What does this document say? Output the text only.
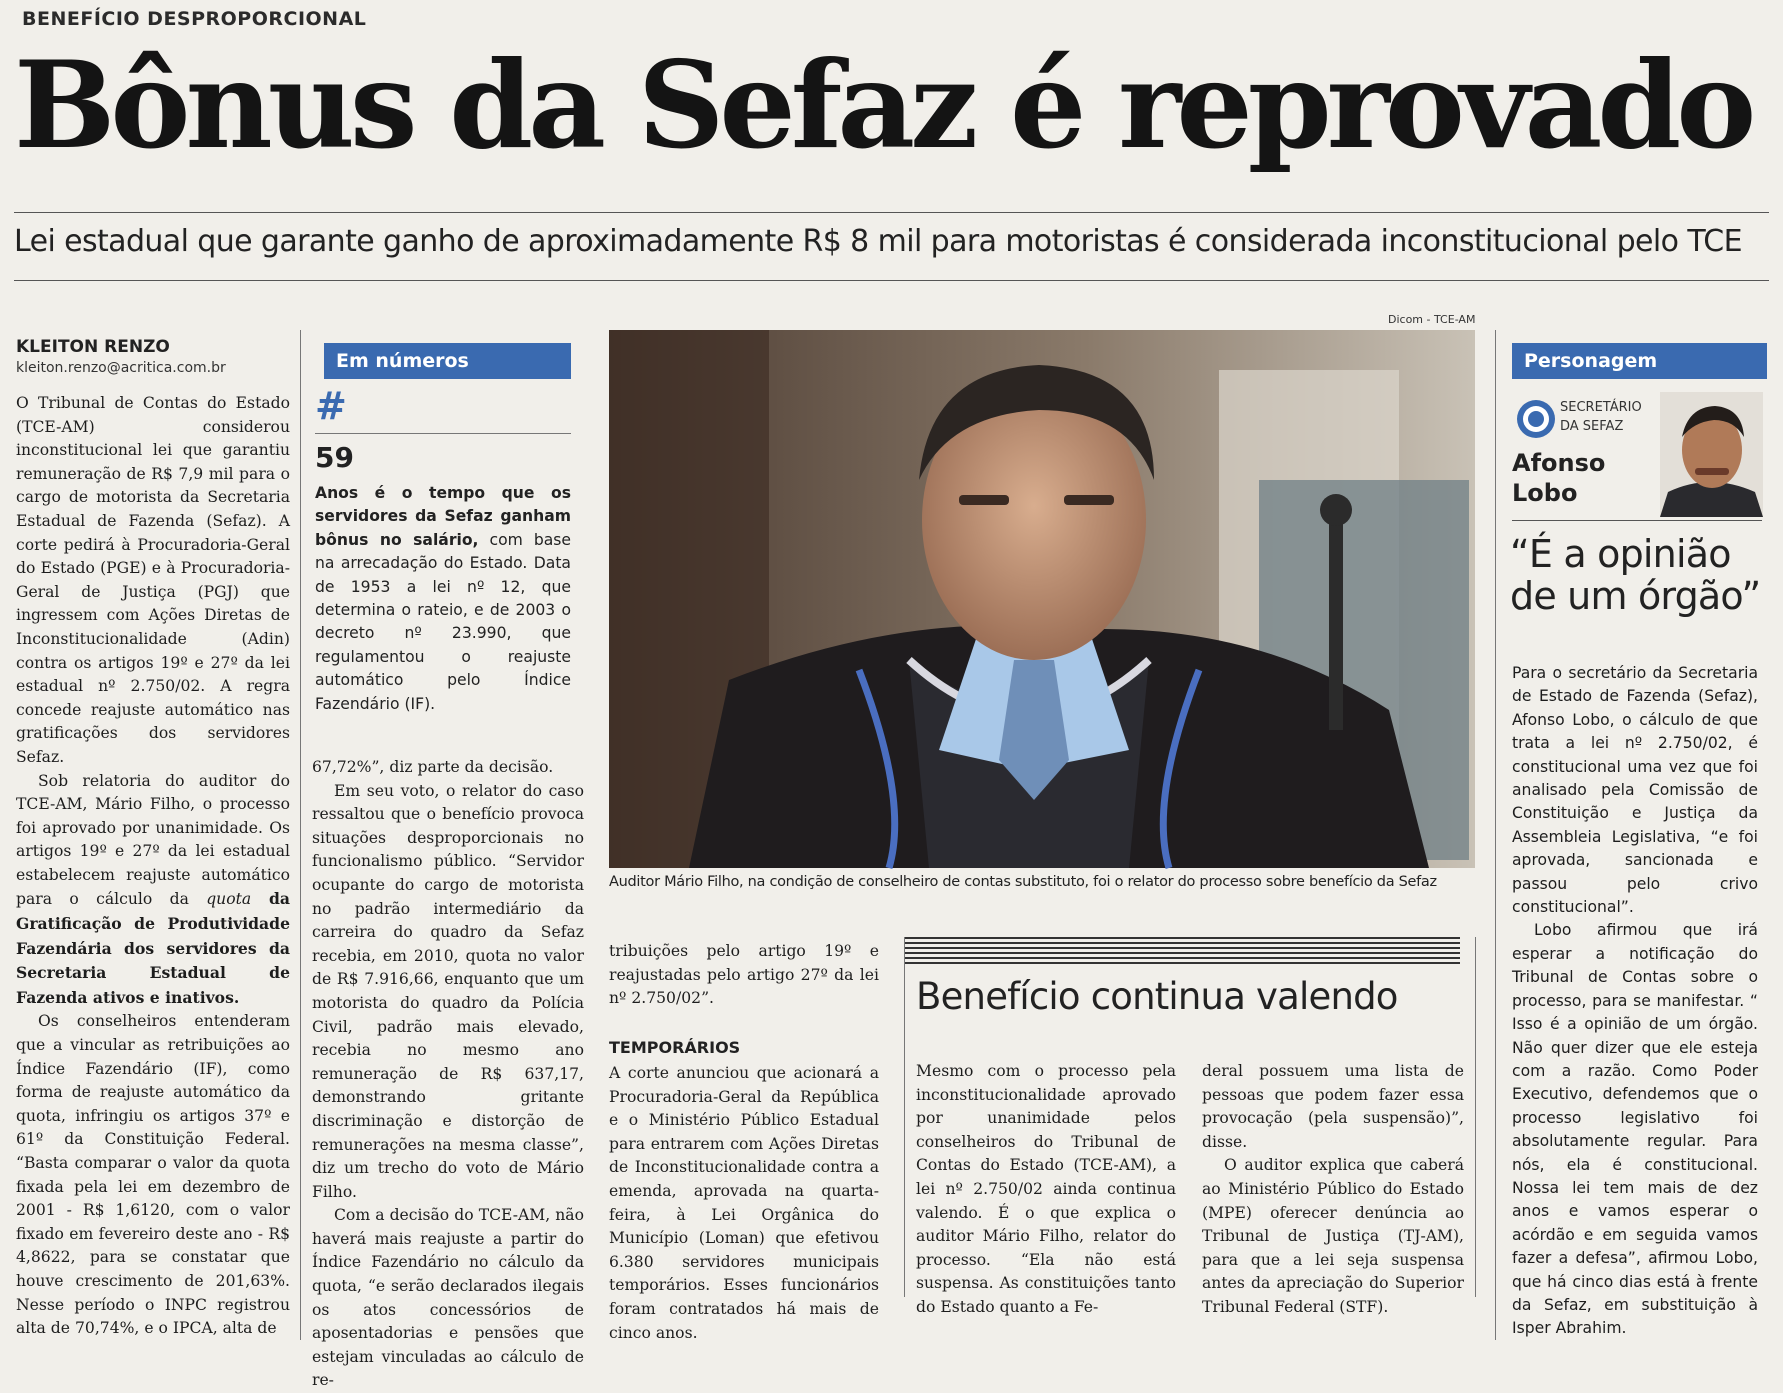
BENEFÍCIO DESPROPORCIONAL
Bônus da Sefaz é reprovado
Lei estadual que garante ganho de aproximadamente R$ 8 mil para motoristas é considerada inconstitucional pelo TCE
KLEITON RENZO
kleiton.renzo@acritica.com.br

O Tribunal de Contas do Estado (TCE-AM) considerou inconstitucional lei que garantiu remuneração de R$ 7,9 mil para o cargo de motorista da Secretaria Estadual de Fazenda (Sefaz). A corte pedirá à Procuradoria-Geral do Estado (PGE) e à Procuradoria-Geral de Justiça (PGJ) que ingressem com Ações Diretas de Inconstitucionalidade (Adin) contra os artigos 19º e 27º da lei estadual nº 2.750/02. A regra concede reajuste automático nas gratificações dos servidores Sefaz.

Sob relatoria do auditor do TCE-AM, Mário Filho, o processo foi aprovado por unanimidade. Os artigos 19º e 27º da lei estadual estabelecem reajuste automático para o cálculo da quota da Gratificação de Produtividade Fazendária dos servidores da Secretaria Estadual de Fazenda ativos e inativos.

Os conselheiros entenderam que a vincular as retribuições ao Índice Fazendário (IF), como forma de reajuste automático da quota, infringiu os artigos 37º e 61º da Constituição Federal. “Basta comparar o valor da quota fixada pela lei em dezembro de 2001 - R$ 1,6120, com o valor fixado em fevereiro deste ano - R$ 4,8622, para se constatar que houve crescimento de 201,63%. Nesse período o INPC registrou alta de 70,74%, e o IPCA, alta de

Em números
#
59
Anos é o tempo que os servidores da Sefaz ganham bônus no salário, com base na arrecadação do Estado. Data de 1953 a lei nº 12, que determina o rateio, e de 2003 o decreto nº 23.990, que regulamentou o reajuste automático pelo Índice Fazendário (IF).

67,72%”, diz parte da decisão.

Em seu voto, o relator do caso ressaltou que o benefício provoca situações desproporcionais no funcionalismo público. “Servidor ocupante do cargo de motorista no padrão intermediário da carreira do quadro da Sefaz recebia, em 2010, quota no valor de R$ 7.916,66, enquanto que um motorista do quadro da Polícia Civil, padrão mais elevado, recebia no mesmo ano remuneração de R$ 637,17, demonstrando gritante discriminação e distorção de remunerações na mesma classe”, diz um trecho do voto de Mário Filho.

Com a decisão do TCE-AM, não haverá mais reajuste a partir do Índice Fazendário no cálculo da quota, “e serão declarados ilegais os atos concessórios de aposentadorias e pensões que estejam vinculadas ao cálculo de re-

Dicom - TCE-AM
Auditor Mário Filho, na condição de conselheiro de contas substituto, foi o relator do processo sobre benefício da Sefaz

tribuições pelo artigo 19º e reajustadas pelo artigo 27º da lei nº 2.750/02”.

TEMPORÁRIOS

A corte anunciou que acionará a Procuradoria-Geral da República e o Ministério Público Estadual para entrarem com Ações Diretas de Inconstitucionalidade contra a emenda, aprovada na quarta-feira, à Lei Orgânica do Município (Loman) que efetivou 6.380 servidores municipais temporários. Esses funcionários foram contratados há mais de cinco anos.

Benefício continua valendo

Mesmo com o processo pela inconstitucionalidade aprovado por unanimidade pelos conselheiros do Tribunal de Contas do Estado (TCE-AM), a lei nº 2.750/02 ainda continua valendo. É o que explica o auditor Mário Filho, relator do processo. “Ela não está suspensa. As constituições tanto do Estado quanto a Fe-

deral possuem uma lista de pessoas que podem fazer essa provocação (pela suspensão)”, disse.

O auditor explica que caberá ao Ministério Público do Estado (MPE) oferecer denúncia ao Tribunal de Justiça (TJ-AM), para que a lei seja suspensa antes da apreciação do Superior Tribunal Federal (STF).

Personagem
SECRETÁRIO DA SEFAZ
Afonso Lobo
“É a opinião de um órgão”

Para o secretário da Secretaria de Estado de Fazenda (Sefaz), Afonso Lobo, o cálculo de que trata a lei nº 2.750/02, é constitucional uma vez que foi analisado pela Comissão de Constituição e Justiça da Assembleia Legislativa, “e foi aprovada, sancionada e passou pelo crivo constitucional”.

Lobo afirmou que irá esperar a notificação do Tribunal de Contas sobre o processo, para se manifestar. “ Isso é a opinião de um órgão. Não quer dizer que ele esteja com a razão. Como Poder Executivo, defendemos que o processo legislativo foi absolutamente regular. Para nós, ela é constitucional. Nossa lei tem mais de dez anos e vamos esperar o acórdão e em seguida vamos fazer a defesa”, afirmou Lobo, que há cinco dias está à frente da Sefaz, em substituição à Isper Abrahim.
